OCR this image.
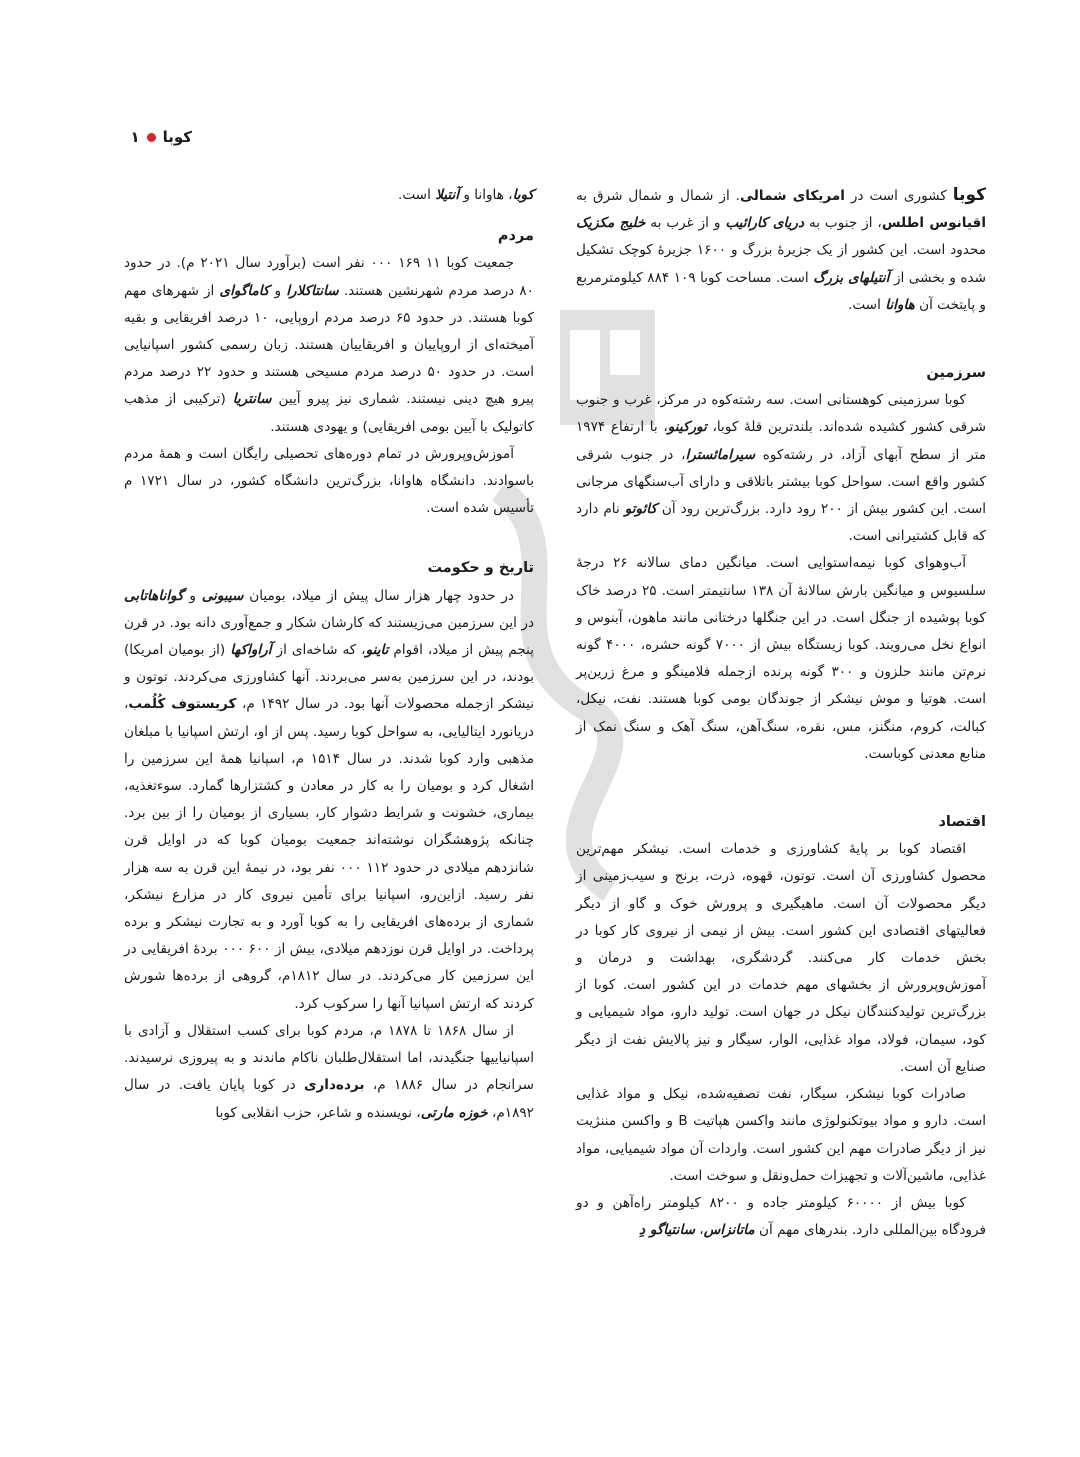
کوبا
۱

کوبا کشوری است در امریکای شمالی. از شمال و شمال شرق به اقیانوس اطلس، از جنوب به دریای کارائیب و از غرب به خلیج مکزیک محدود است. این کشور از یک جزیرهٔ بزرگ و ۱۶۰۰ جزیرهٔ کوچک تشکیل شده و بخشی از آنتیلهای بزرگ است. مساحت کوبا ۱۰۹ ۸۸۴ کیلومترمربع و پایتخت آن هاوانا است.

سرزمین

کوبا سرزمینی کوهستانی است. سه رشته‌کوه در مرکز، غرب و جنوب شرقی کشور کشیده شده‌اند. بلندترین قلهٔ کوبا، تورکینو، با ارتفاع ۱۹۷۴ متر از سطح آبهای آزاد، در رشته‌کوه سیرامائسترا، در جنوب شرقی کشور واقع است. سواحل کوبا بیشتر باتلاقی و دارای آب‌سنگهای مرجانی است. این کشور بیش از ۲۰۰ رود دارد. بزرگ‌ترین رود آن کائوتو نام دارد که قابل کشتیرانی است.

آب‌وهوای کوبا نیمه‌استوایی است. میانگین دمای سالانه ۲۶ درجهٔ سلسیوس و میانگین بارش سالانهٔ آن ۱۳۸ سانتیمتر است. ۲۵ درصد خاک کوبا پوشیده از جنگل است. در این جنگلها درختانی مانند ماهون، آبنوس و انواع نخل می‌رویند. کوبا زیستگاه بیش از ۷۰۰۰ گونه حشره، ۴۰۰۰ گونه نرم‌تن مانند حلزون و ۳۰۰ گونه پرنده ازجمله فلامینگو و مرغ زرین‌پر است. هوتیا و موش نیشکر از جوندگان بومی کوبا هستند. نفت، نیکل، کبالت، کروم، منگنز، مس، نقره، سنگ‌آهن، سنگ آهک و سنگ نمک از منابع معدنی کوباست.

اقتصاد

اقتصاد کوبا بر پایهٔ کشاورزی و خدمات است. نیشکر مهم‌ترین محصول کشاورزی آن است. توتون، قهوه، ذرت، برنج و سیب‌زمینی از دیگر محصولات آن است. ماهیگیری و پرورش خوک و گاو از دیگر فعالیتهای اقتصادی این کشور است. بیش از نیمی از نیروی کار کوبا در بخش خدمات کار می‌کنند. گردشگری، بهداشت و درمان و آموزش‌وپرورش از بخشهای مهم خدمات در این کشور است. کوبا از بزرگ‌ترین تولیدکنندگان نیکل در جهان است. تولید دارو، مواد شیمیایی و کود، سیمان، فولاد، مواد غذایی، الوار، سیگار و نیز پالایش نفت از دیگر صنایع آن است.

صادرات کوبا نیشکر، سیگار، نفت تصفیه‌شده، نیکل و مواد غذایی است. دارو و مواد بیوتکنولوژی مانند واکسن هپاتیت B و واکسن مننژیت نیز از دیگر صادرات مهم این کشور است. واردات آن مواد شیمیایی، مواد غذایی، ماشین‌آلات و تجهیزات حمل‌ونقل و سوخت است.

کوبا بیش از ۶۰۰۰۰ کیلومتر جاده و ۸۲۰۰ کیلومتر راه‌آهن و دو فرودگاه بین‌المللی دارد. بندرهای مهم آن ماتانزاس، سانتیاگو دِ

کوبا، هاوانا و آنتیلا است.

مردم

جمعیت کوبا ۱۱ ۱۶۹ ۰۰۰ نفر است (برآورد سال ۲۰۲۱ م). در حدود ۸۰ درصد مردم شهرنشین هستند. سانتاکلارا و کاماگوای از شهرهای مهم کوبا هستند. در حدود ۶۵ درصد مردم اروپایی، ۱۰ درصد افریقایی و بقیه آمیخته‌ای از اروپاییان و افریقاییان هستند. زبان رسمی کشور اسپانیایی است. در حدود ۵۰ درصد مردم مسیحی هستند و حدود ۲۲ درصد مردم پیرو هیچ دینی نیستند. شماری نیز پیرو آیین سانتریا (ترکیبی از مذهب کاتولیک با آیین بومی افریقایی) و یهودی هستند.

آموزش‌وپرورش در تمام دوره‌های تحصیلی رایگان است و همهٔ مردم باسوادند. دانشگاه هاوانا، بزرگ‌ترین دانشگاه کشور، در سال ۱۷۲۱ م تأسیس شده است.

تاریخ و حکومت

در حدود چهار هزار سال پیش از میلاد، بومیان سیبونی و گواناهاتابی در این سرزمین می‌زیستند که کارشان شکار و جمع‌آوری دانه بود. در قرن پنجم پیش از میلاد، اقوام تاینو، که شاخه‌ای از آراواکها (از بومیان امریکا) بودند، در این سرزمین به‌سر می‌بردند. آنها کشاورزی می‌کردند. توتون و نیشکر ازجمله محصولات آنها بود. در سال ۱۴۹۲ م، کریستوف کُلُمب، دریانورد ایتالیایی، به سواحل کوبا رسید. پس از او، ارتش اسپانیا با مبلغان مذهبی وارد کوبا شدند. در سال ۱۵۱۴ م، اسپانیا همهٔ این سرزمین را اشغال کرد و بومیان را به کار در معادن و کشتزارها گمارد. سوءتغذیه، بیماری، خشونت و شرایط دشوار کار، بسیاری از بومیان را از بین برد. چنانکه پژوهشگران نوشته‌اند جمعیت بومیان کوبا که در اوایل قرن شانزدهم میلادی در حدود ۱۱۲ ۰۰۰ نفر بود، در نیمهٔ این قرن به سه هزار نفر رسید. ازاین‌رو، اسپانیا برای تأمین نیروی کار در مزارع نیشکر، شماری از برده‌های افریقایی را به کوبا آورد و به تجارت نیشکر و برده پرداخت. در اوایل قرن نوزدهم میلادی، بیش از ۶۰۰ ۰۰۰ بردهٔ افریقایی در این سرزمین کار می‌کردند. در سال ۱۸۱۲م، گروهی از برده‌ها شورش کردند که ارتش اسپانیا آنها را سرکوب کرد.

از سال ۱۸۶۸ تا ۱۸۷۸ م، مردم کوبا برای کسب استقلال و آزادی با اسپانیاییها جنگیدند، اما استقلال‌طلبان ناکام ماندند و به پیروزی نرسیدند. سرانجام در سال ۱۸۸۶ م، برده‌داری در کوبا پایان یافت. در سال ۱۸۹۲م، خوزه مارتی، نویسنده و شاعر، حزب انقلابی کوبا
